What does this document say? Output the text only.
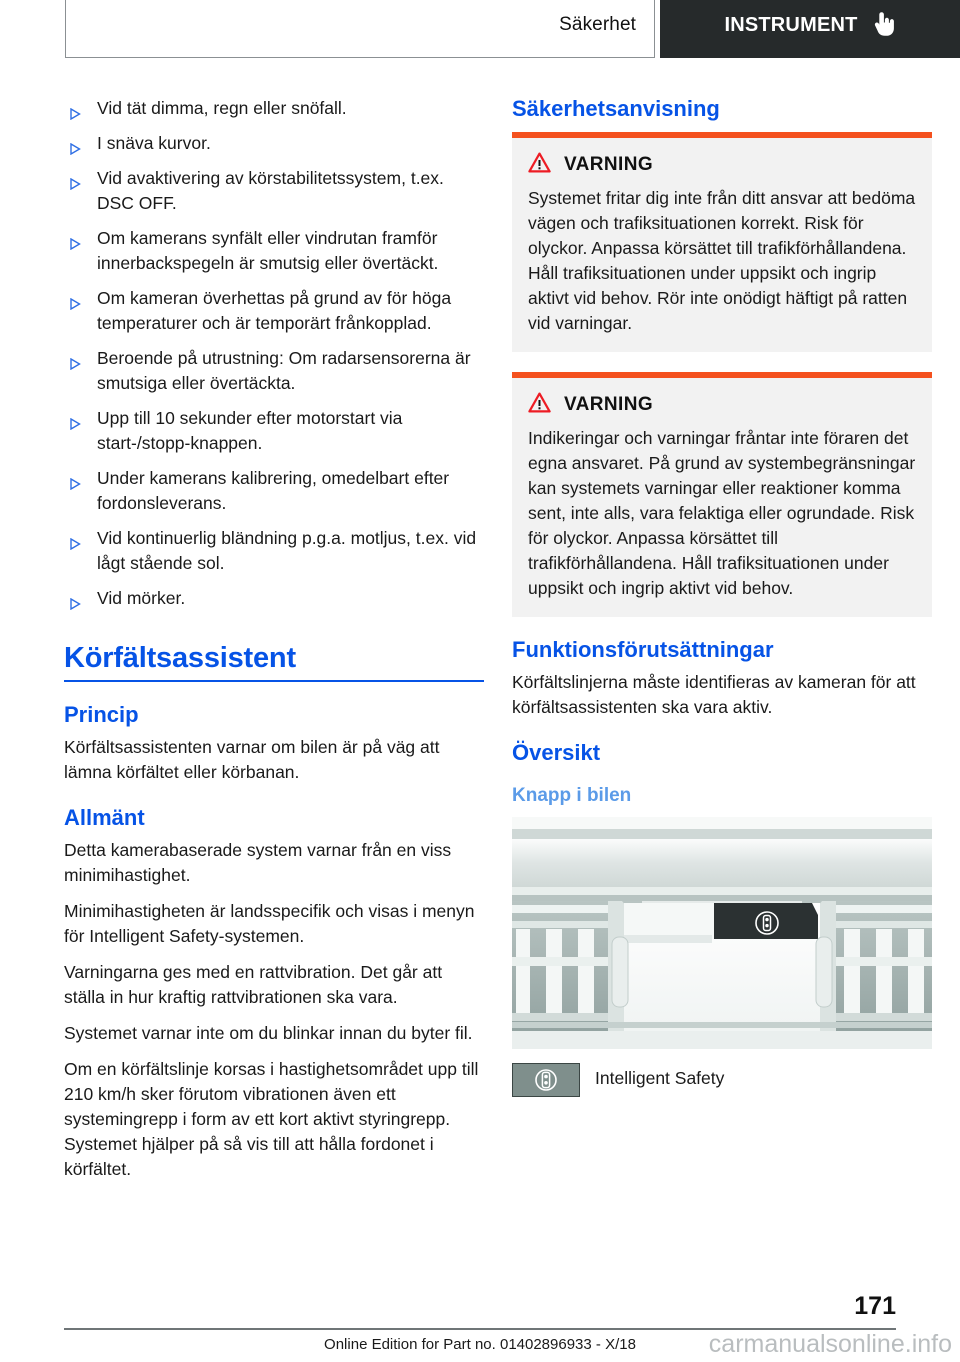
Säkerhet	INSTRUMENT
Vid tät dimma, regn eller snöfall.
I snäva kurvor.
Vid avaktivering av körstabilitetssystem, t.ex. DSC OFF.
Om kamerans synfält eller vindrutan framför innerbackspegeln är smutsig eller övertäckt.
Om kameran överhettas på grund av för höga temperaturer och är temporärt frånkopplad.
Beroende på utrustning: Om radarsensorerna är smutsiga eller övertäckta.
Upp till 10 sekunder efter motorstart via start-/stopp-knappen.
Under kamerans kalibrering, omedelbart efter fordonsleverans.
Vid kontinuerlig bländning p.g.a. motljus, t.ex. vid lågt stående sol.
Vid mörker.
Körfältsassistent
Princip

Körfältsassistenten varnar om bilen är på väg att lämna körfältet eller körbanan.

Allmänt

Detta kamerabaserade system varnar från en viss minimihastighet.

Minimihastigheten är landsspecifik och visas i menyn för Intelligent Safety-systemen.

Varningarna ges med en rattvibration. Det går att ställa in hur kraftig rattvibrationen ska vara.

Systemet varnar inte om du blinkar innan du byter fil.

Om en körfältslinje korsas i hastighetsområdet upp till 210 km/h sker förutom vibrationen även ett systemingrepp i form av ett kort aktivt styringrepp. Systemet hjälper på så vis till att hålla fordonet i körfältet.

Säkerhetsanvisning
VARNING

Systemet fritar dig inte från ditt ansvar att bedöma vägen och trafiksituationen korrekt. Risk för olyckor. Anpassa körsättet till trafikförhållandena. Håll trafiksituationen under uppsikt och ingrip aktivt vid behov. Rör inte onödigt häftigt på ratten vid varningar.

VARNING

Indikeringar och varningar fråntar inte föraren det egna ansvaret. På grund av systembegränsningar kan systemets varningar eller reaktioner komma sent, inte alls, vara felaktiga eller ogrundade. Risk för olyckor. Anpassa körsättet till trafikförhållandena. Håll trafiksituationen under uppsikt och ingrip aktivt vid behov.

Funktionsförutsättningar

Körfältslinjerna måste identifieras av kameran för att körfältsassistenten ska vara aktiv.

Översikt
Knapp i bilen
Intelligent Safety
171
Online Edition for Part no. 01402896933 - X/18	carmanualsonline.info
